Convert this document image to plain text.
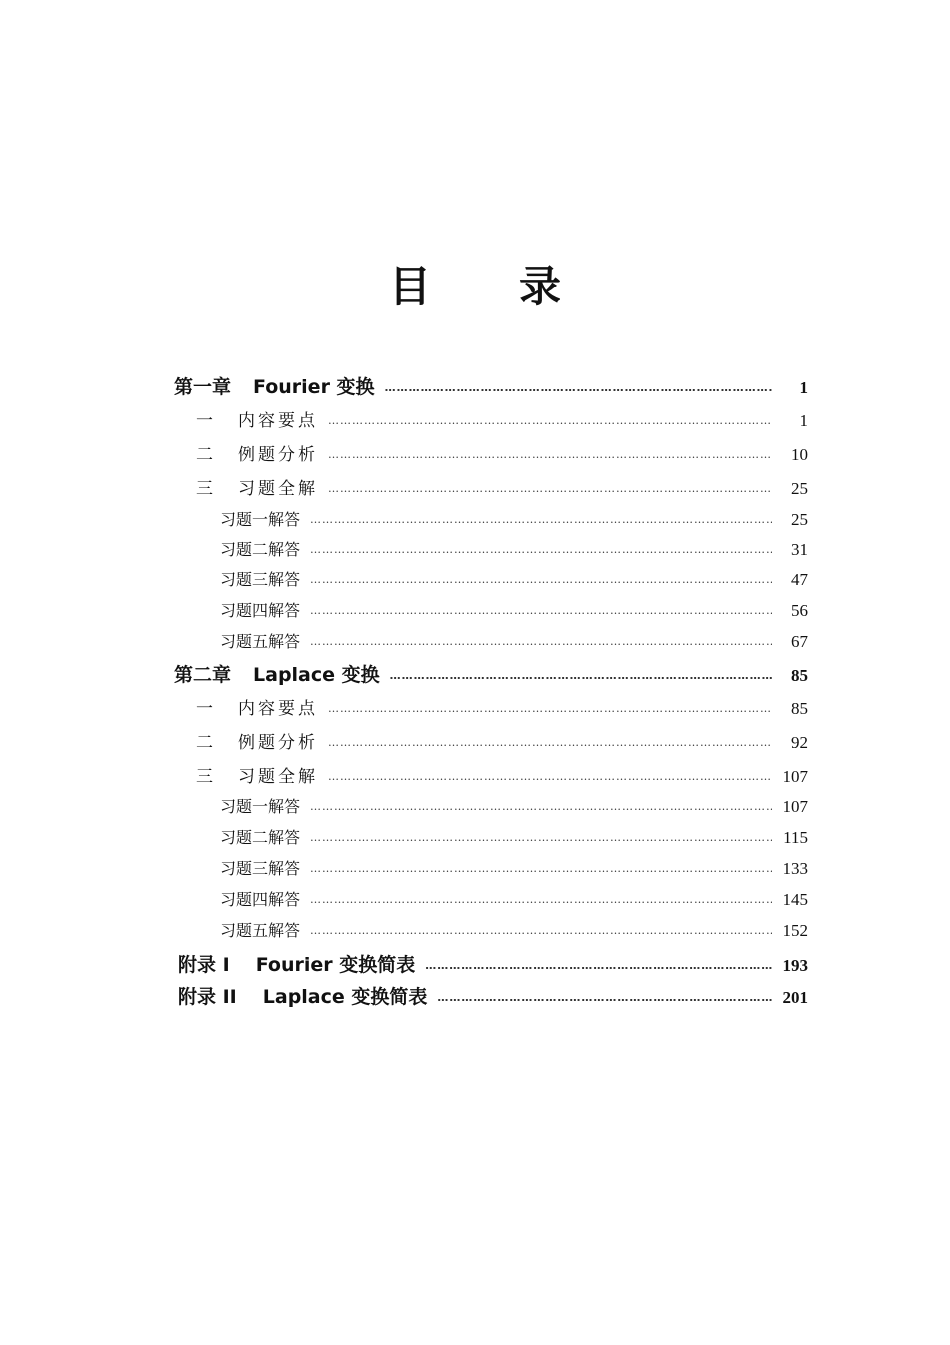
目 录
第一章 Fourier 变换 ……………………………………………………………………………………………………………………………………………………………………………………………………………	1
一 内容要点 ……………………………………………………………………………………………………………………………………………………………………………………………………………	1
二 例题分析 ……………………………………………………………………………………………………………………………………………………………………………………………………………	10
三 习题全解 ……………………………………………………………………………………………………………………………………………………………………………………………………………	25
习题一解答 ……………………………………………………………………………………………………………………………………………………………………………………………………………	25
习题二解答 ……………………………………………………………………………………………………………………………………………………………………………………………………………	31
习题三解答 ……………………………………………………………………………………………………………………………………………………………………………………………………………	47
习题四解答 ……………………………………………………………………………………………………………………………………………………………………………………………………………	56
习题五解答 ……………………………………………………………………………………………………………………………………………………………………………………………………………	67
第二章 Laplace 变换 ……………………………………………………………………………………………………………………………………………………………………………………………………………	85
一 内容要点 ……………………………………………………………………………………………………………………………………………………………………………………………………………	85
二 例题分析 ……………………………………………………………………………………………………………………………………………………………………………………………………………	92
三 习题全解 ……………………………………………………………………………………………………………………………………………………………………………………………………………	107
习题一解答 ……………………………………………………………………………………………………………………………………………………………………………………………………………	107
习题二解答 ……………………………………………………………………………………………………………………………………………………………………………………………………………	115
习题三解答 ……………………………………………………………………………………………………………………………………………………………………………………………………………	133
习题四解答 ……………………………………………………………………………………………………………………………………………………………………………………………………………	145
习题五解答 ……………………………………………………………………………………………………………………………………………………………………………………………………………	152
附录 I Fourier 变换简表 ……………………………………………………………………………………………………………………………………………………………………………………………………………	193
附录 II Laplace 变换简表 ……………………………………………………………………………………………………………………………………………………………………………………………………………	201
